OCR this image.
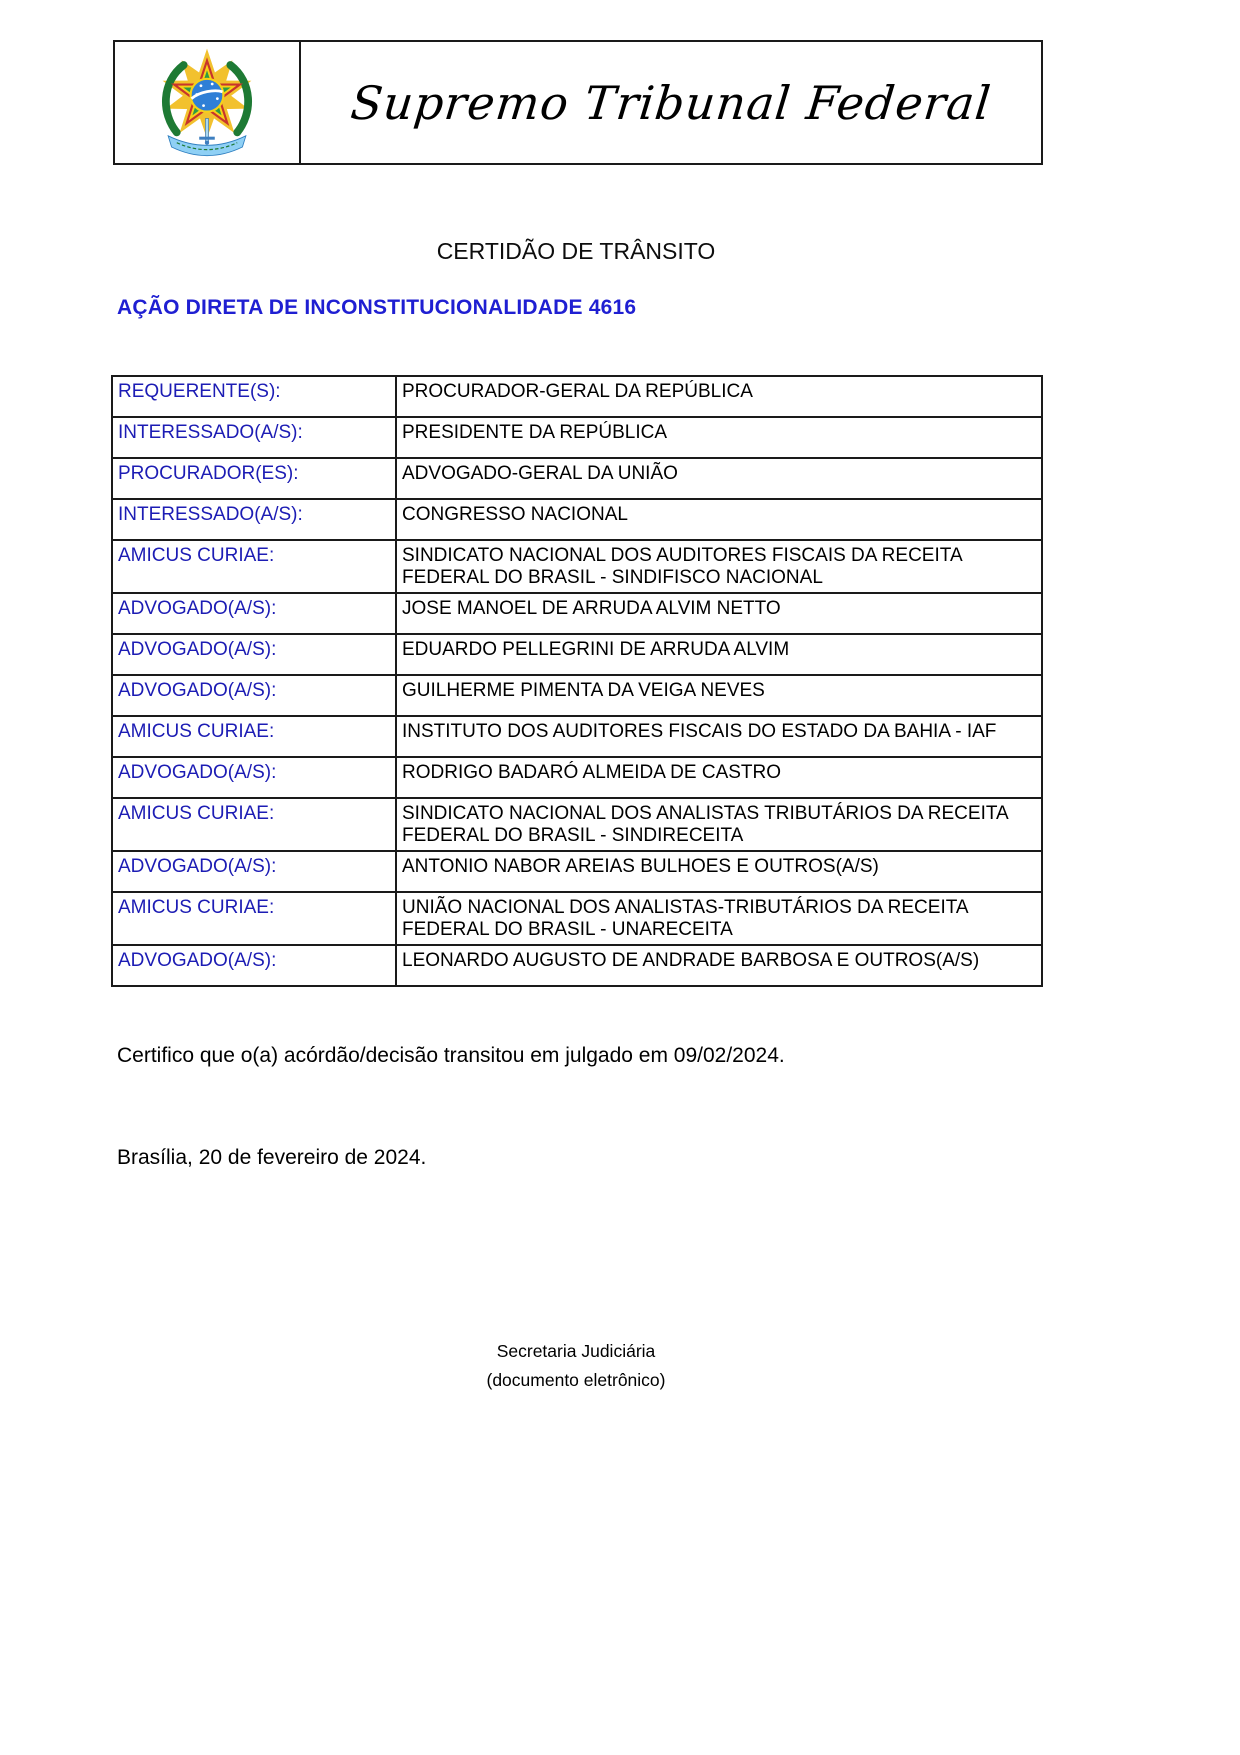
Supremo Tribunal Federal
CERTIDÃO DE TRÂNSITO
AÇÃO DIRETA DE INCONSTITUCIONALIDADE 4616
REQUERENTE(S):	PROCURADOR-GERAL DA REPÚBLICA
INTERESSADO(A/S):	PRESIDENTE DA REPÚBLICA
PROCURADOR(ES):	ADVOGADO-GERAL DA UNIÃO
INTERESSADO(A/S):	CONGRESSO NACIONAL
AMICUS CURIAE:	SINDICATO NACIONAL DOS AUDITORES FISCAIS DA RECEITA FEDERAL DO BRASIL - SINDIFISCO NACIONAL
ADVOGADO(A/S):	JOSE MANOEL DE ARRUDA ALVIM NETTO
ADVOGADO(A/S):	EDUARDO PELLEGRINI DE ARRUDA ALVIM
ADVOGADO(A/S):	GUILHERME PIMENTA DA VEIGA NEVES
AMICUS CURIAE:	INSTITUTO DOS AUDITORES FISCAIS DO ESTADO DA BAHIA - IAF
ADVOGADO(A/S):	RODRIGO BADARÓ ALMEIDA DE CASTRO
AMICUS CURIAE:	SINDICATO NACIONAL DOS ANALISTAS TRIBUTÁRIOS DA RECEITA FEDERAL DO BRASIL - SINDIRECEITA
ADVOGADO(A/S):	ANTONIO NABOR AREIAS BULHOES E OUTROS(A/S)
AMICUS CURIAE:	UNIÃO NACIONAL DOS ANALISTAS-TRIBUTÁRIOS DA RECEITA FEDERAL DO BRASIL - UNARECEITA
ADVOGADO(A/S):	LEONARDO AUGUSTO DE ANDRADE BARBOSA E OUTROS(A/S)

Certifico que o(a) acórdão/decisão transitou em julgado em 09/02/2024.

Brasília, 20 de fevereiro de 2024.

Secretaria Judiciária
(documento eletrônico)
